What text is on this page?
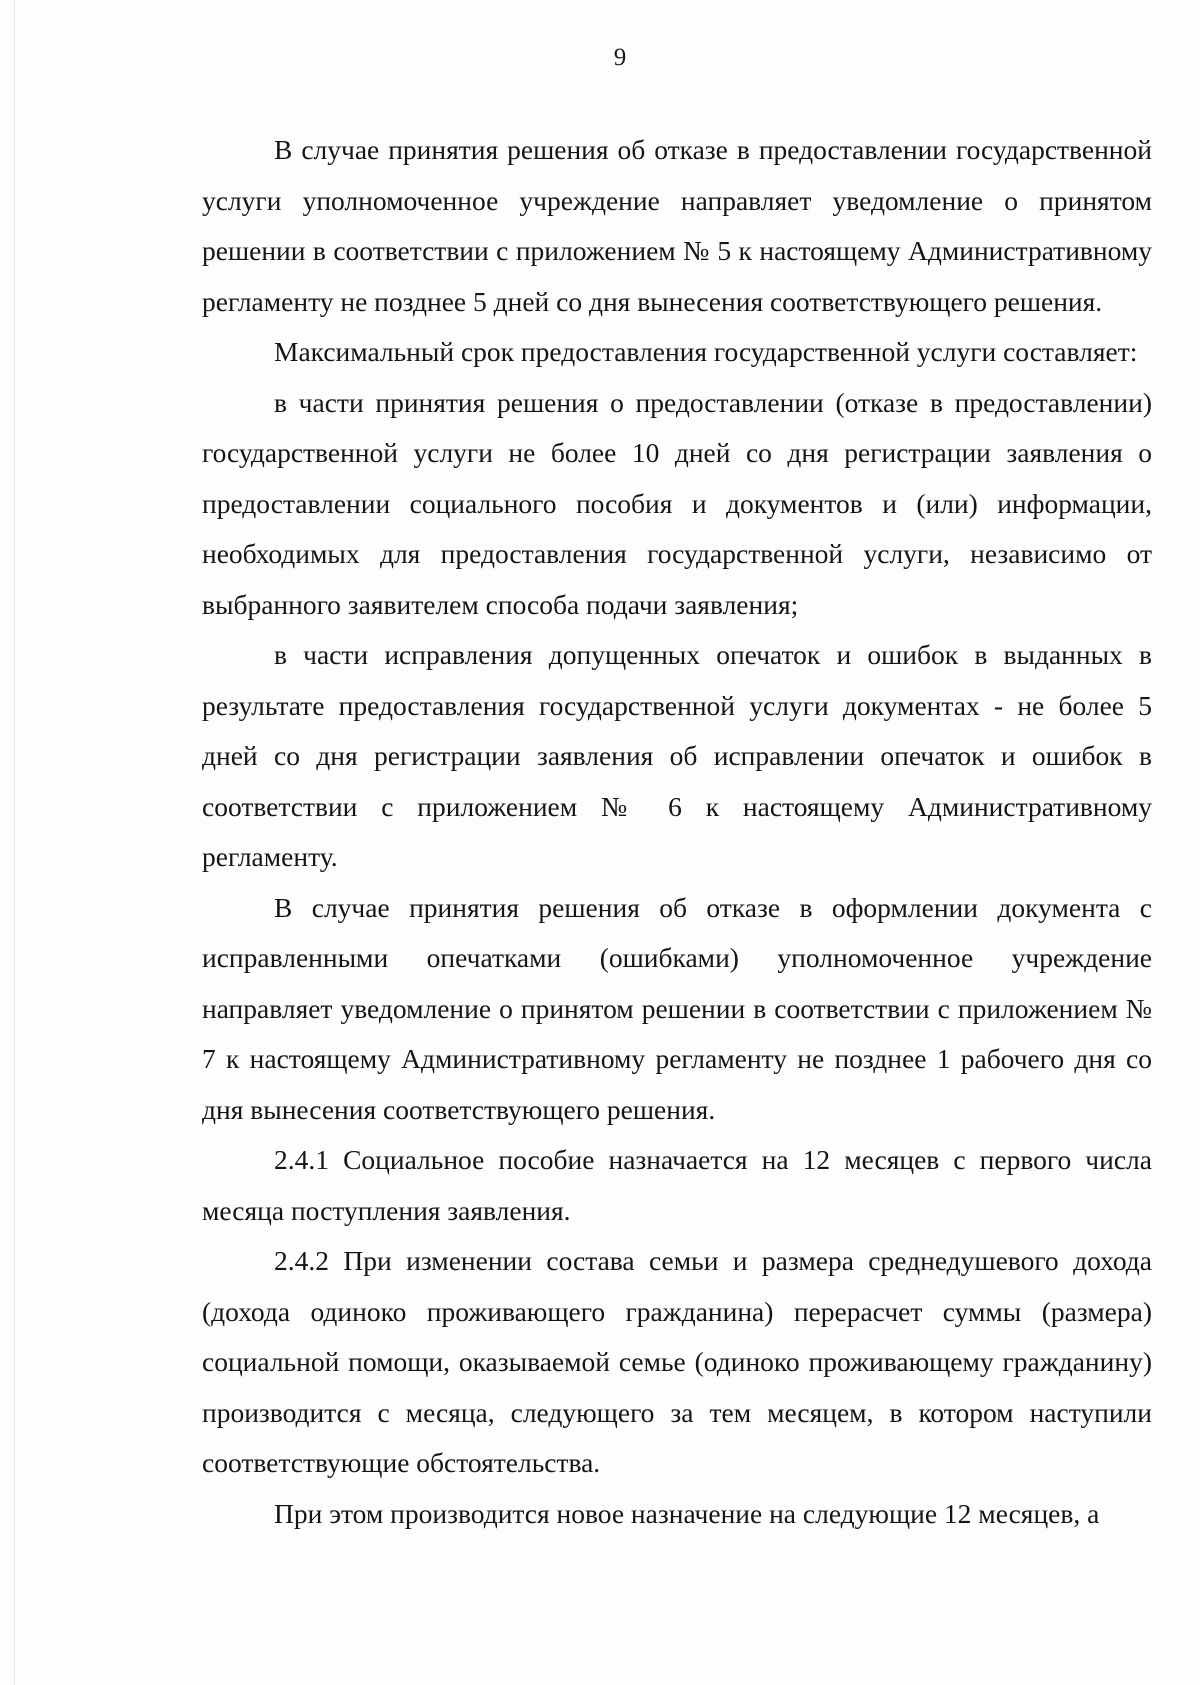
9

В случае принятия решения об отказе в предоставлении государственной услуги уполномоченное учреждение направляет уведомление о принятом решении в соответствии с приложением № 5 к настоящему Административному регламенту не позднее 5 дней со дня вынесения соответствующего решения.

Максимальный срок предоставления государственной услуги составляет:

в части принятия решения о предоставлении (отказе в предоставлении) государственной услуги не более 10 дней со дня регистрации заявления о предоставлении социального пособия и документов и (или) информации, необходимых для предоставления государственной услуги, независимо от выбранного заявителем способа подачи заявления;

в части исправления допущенных опечаток и ошибок в выданных в результате предоставления государственной услуги документах - не более 5 дней со дня регистрации заявления об исправлении опечаток и ошибок в соответствии с приложением № 6 к настоящему Административному регламенту.

В случае принятия решения об отказе в оформлении документа с исправленными опечатками (ошибками) уполномоченное учреждение направляет уведомление о принятом решении в соответствии с приложением № 7 к настоящему Административному регламенту не позднее 1 рабочего дня со дня вынесения соответствующего решения.

2.4.1 Социальное пособие назначается на 12 месяцев с первого числа месяца поступления заявления.

2.4.2 При изменении состава семьи и размера среднедушевого дохода (дохода одиноко проживающего гражданина) перерасчет суммы (размера) социальной помощи, оказываемой семье (одиноко проживающему гражданину) производится с месяца, следующего за тем месяцем, в котором наступили соответствующие обстоятельства.

При этом производится новое назначение на следующие 12 месяцев, а
